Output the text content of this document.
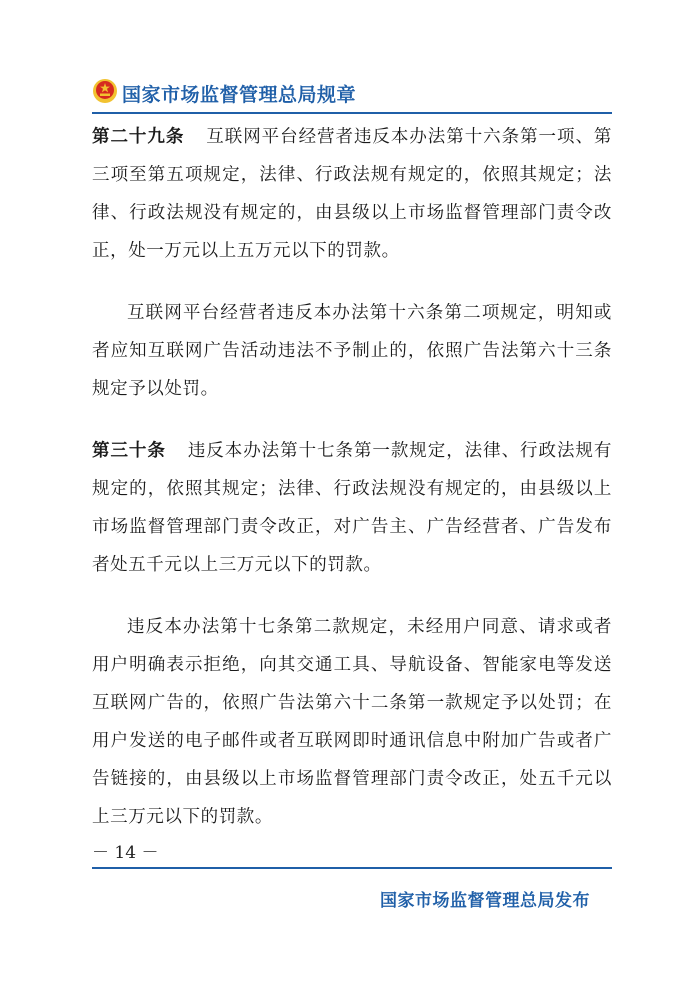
国家市场监督管理总局规章

第二十九条 互联网平台经营者违反本办法第十六条第一项、第三项至第五项规定，法律、行政法规有规定的，依照其规定；法律、行政法规没有规定的，由县级以上市场监督管理部门责令改正，处一万元以上五万元以下的罚款。

互联网平台经营者违反本办法第十六条第二项规定，明知或者应知互联网广告活动违法不予制止的，依照广告法第六十三条规定予以处罚。

第三十条 违反本办法第十七条第一款规定，法律、行政法规有规定的，依照其规定；法律、行政法规没有规定的，由县级以上市场监督管理部门责令改正，对广告主、广告经营者、广告发布者处五千元以上三万元以下的罚款。

违反本办法第十七条第二款规定，未经用户同意、请求或者用户明确表示拒绝，向其交通工具、导航设备、智能家电等发送互联网广告的，依照广告法第六十二条第一款规定予以处罚；在用户发送的电子邮件或者互联网即时通讯信息中附加广告或者广告链接的，由县级以上市场监督管理部门责令改正，处五千元以上三万元以下的罚款。

－ 14 －
国家市场监督管理总局发布
